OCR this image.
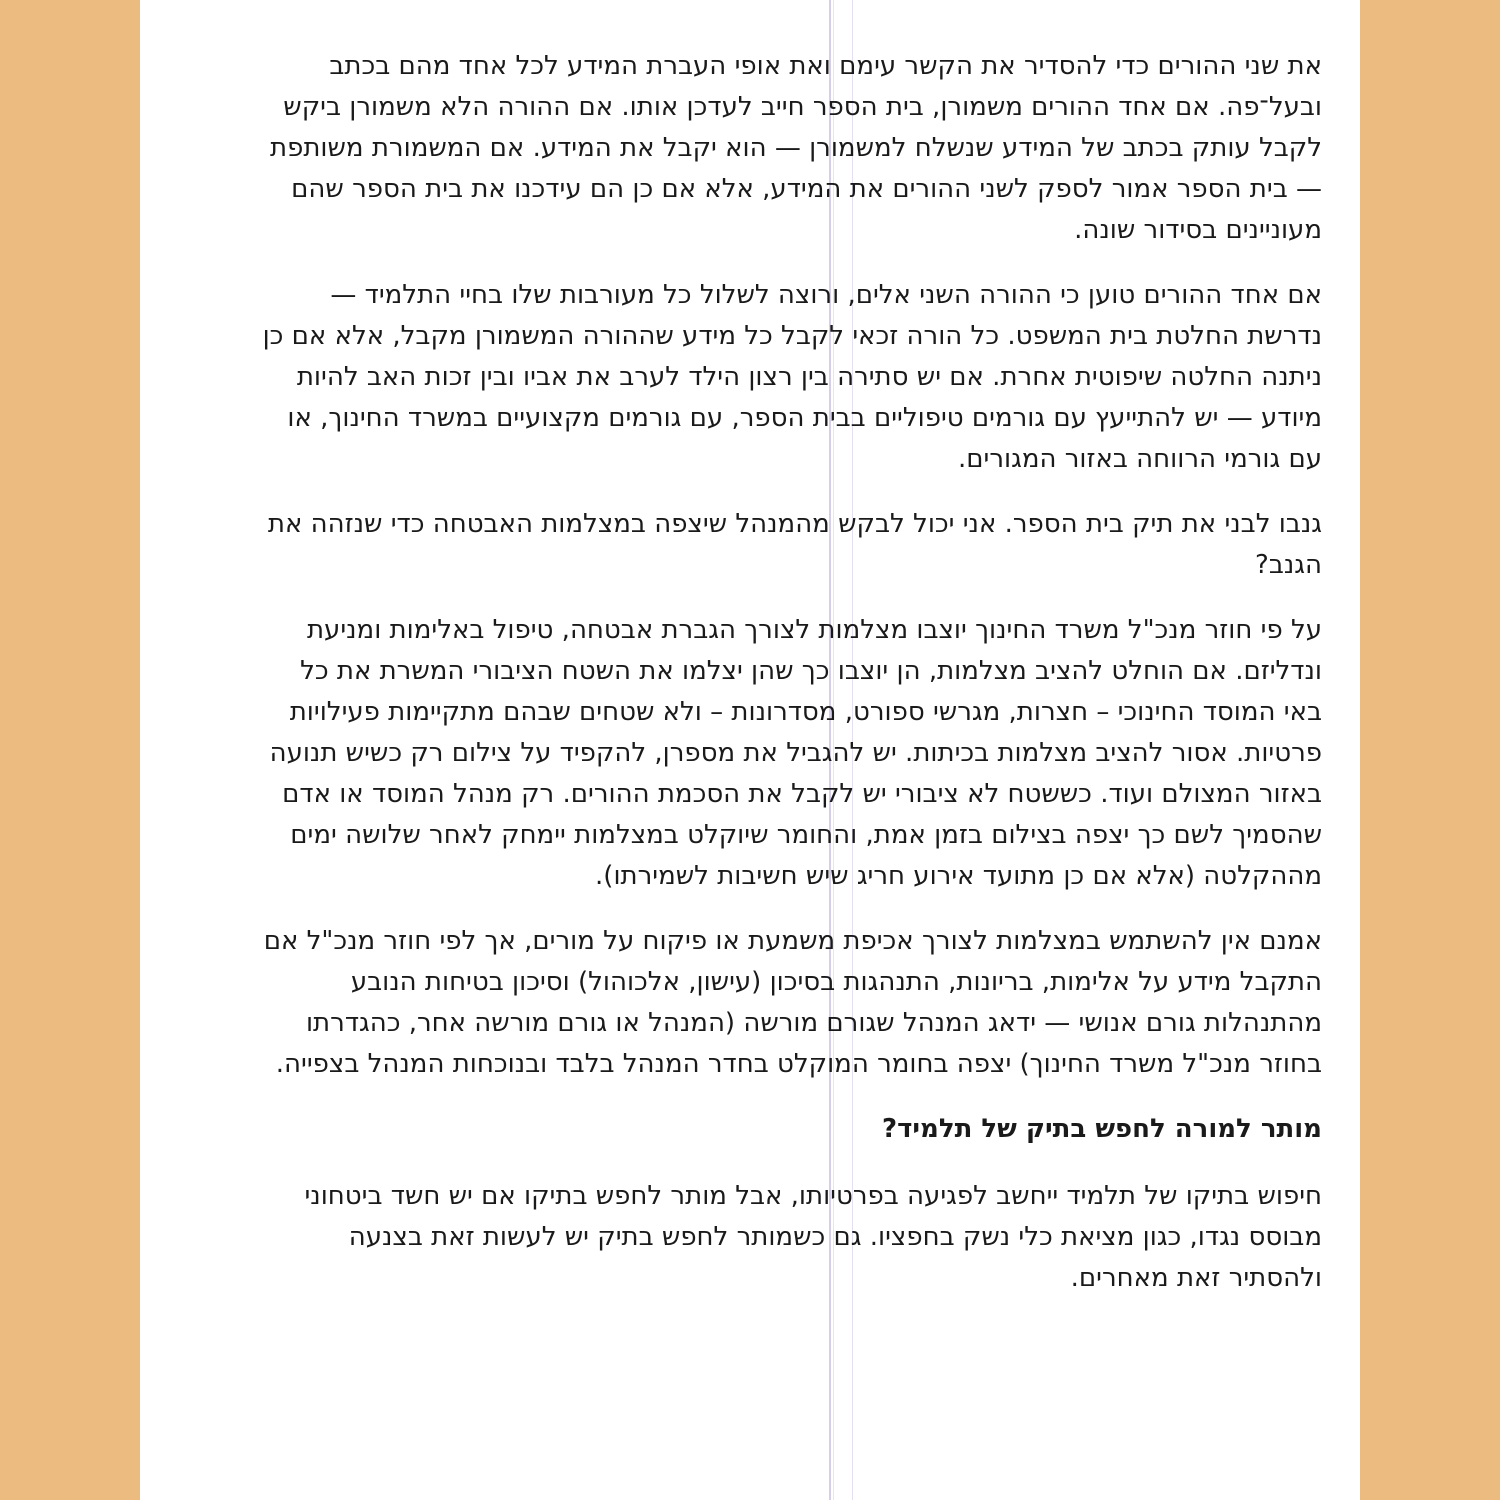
את שני ההורים כדי להסדיר את הקשר עימם ואת אופי העברת המידע לכל אחד מהם בכתב ובעל־פה. אם אחד ההורים משמורן, בית הספר חייב לעדכן אותו. אם ההורה הלא משמורן ביקש לקבל עותק בכתב של המידע שנשלח למשמורן — הוא יקבל את המידע. אם המשמורת משותפת — בית הספר אמור לספק לשני ההורים את המידע, אלא אם כן הם עידכנו את בית הספר שהם מעוניינים בסידור שונה.

אם אחד ההורים טוען כי ההורה השני אלים, ורוצה לשלול כל מעורבות שלו בחיי התלמיד — נדרשת החלטת בית המשפט. כל הורה זכאי לקבל כל מידע שההורה המשמורן מקבל, אלא אם כן ניתנה החלטה שיפוטית אחרת. אם יש סתירה בין רצון הילד לערב את אביו ובין זכות האב להיות מיודע — יש להתייעץ עם גורמים טיפוליים בבית הספר, עם גורמים מקצועיים במשרד החינוך, או עם גורמי הרווחה באזור המגורים.

גנבו לבני את תיק בית הספר. אני יכול לבקש מהמנהל שיצפה במצלמות האבטחה כדי שנזהה את הגנב?

על פי חוזר מנכ"ל משרד החינוך יוצבו מצלמות לצורך הגברת אבטחה, טיפול באלימות ומניעת ונדליזם. אם הוחלט להציב מצלמות, הן יוצבו כך שהן יצלמו את השטח הציבורי המשרת את כל באי המוסד החינוכי – חצרות, מגרשי ספורט, מסדרונות – ולא שטחים שבהם מתקיימות פעילויות פרטיות. אסור להציב מצלמות בכיתות. יש להגביל את מספרן, להקפיד על צילום רק כשיש תנועה באזור המצולם ועוד. כששטח לא ציבורי יש לקבל את הסכמת ההורים. רק מנהל המוסד או אדם שהסמיך לשם כך יצפה בצילום בזמן אמת, והחומר שיוקלט במצלמות יימחק לאחר שלושה ימים מההקלטה (אלא אם כן מתועד אירוע חריג שיש חשיבות לשמירתו).

אמנם אין להשתמש במצלמות לצורך אכיפת משמעת או פיקוח על מורים, אך לפי חוזר מנכ"ל אם התקבל מידע על אלימות, בריונות, התנהגות בסיכון (עישון, אלכוהול) וסיכון בטיחות הנובע מהתנהלות גורם אנושי — ידאג המנהל שגורם מורשה (המנהל או גורם מורשה אחר, כהגדרתו בחוזר מנכ"ל משרד החינוך) יצפה בחומר המוקלט בחדר המנהל בלבד ובנוכחות המנהל בצפייה.

מותר למורה לחפש בתיק של תלמיד?

חיפוש בתיקו של תלמיד ייחשב לפגיעה בפרטיותו, אבל מותר לחפש בתיקו אם יש חשד ביטחוני מבוסס נגדו, כגון מציאת כלי נשק בחפציו. גם כשמותר לחפש בתיק יש לעשות זאת בצנעה ולהסתיר זאת מאחרים.
